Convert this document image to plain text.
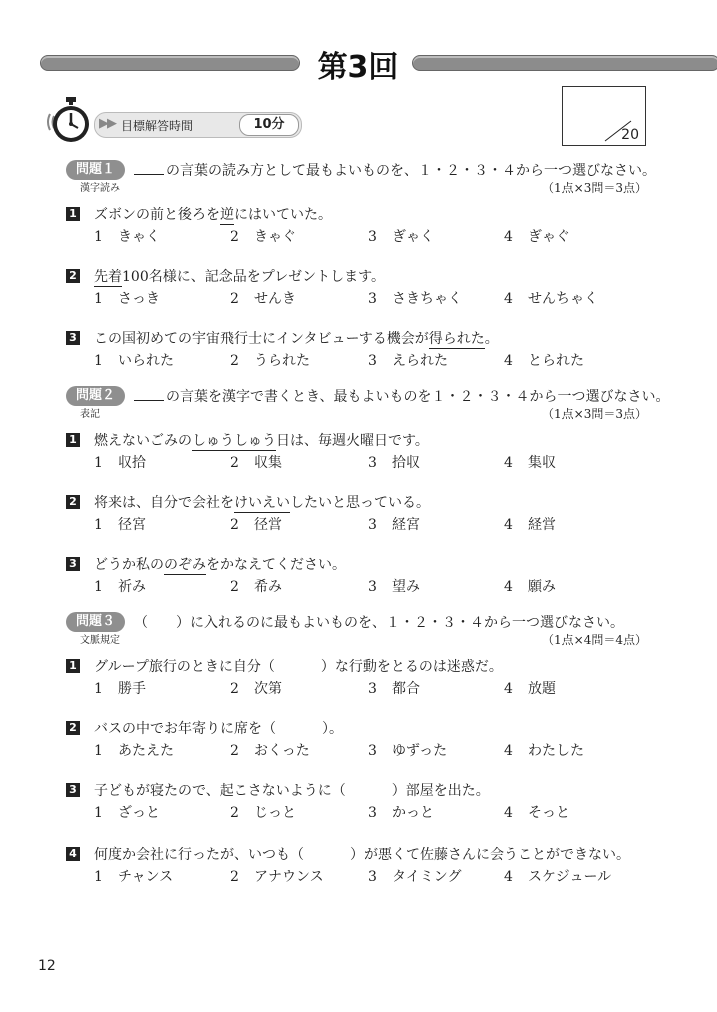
第3回
▶▶ 目標解答時間	10分
20
問題１	の言葉の読み方として最もよいものを、１・２・３・４から一つ選びなさい。
漢字読み	（1点×3問＝3点）
1 ズボンの前と後ろを逆にはいていた。
1 きゃく	2 きゃぐ	3 ぎゃく	4 ぎゃぐ
2 先着100名様に、記念品をプレゼントします。
1 さっき	2 せんき	3 さきちゃく	4 せんちゃく
3 この国初めての宇宙飛行士にインタビューする機会が得られた。
1 いられた	2 うられた	3 えられた	4 とられた
問題２	の言葉を漢字で書くとき、最もよいものを１・２・３・４から一つ選びなさい。
表記	（1点×3問＝3点）
1 燃えないごみのしゅうしゅう日は、毎週火曜日です。
1 収拾	2 収集	3 拾収	4 集収
2 将来は、自分で会社をけいえいしたいと思っている。
1 径宮	2 径営	3 経宮	4 経営
3 どうか私ののぞみをかなえてください。
1 祈み	2 希み	3 望み	4 願み
問題３	（　　）に入れるのに最もよいものを、１・２・３・４から一つ選びなさい。
文脈規定	（1点×4問＝4点）
1 グループ旅行のときに自分（	）な行動をとるのは迷惑だ。
1 勝手	2 次第	3 都合	4 放題
2 バスの中でお年寄りに席を（	）。
1 あたえた	2 おくった	3 ゆずった	4 わたした
3 子どもが寝たので、起こさないように（	）部屋を出た。
1 ざっと	2 じっと	3 かっと	4 そっと
4 何度か会社に行ったが、いつも（	）が悪くて佐藤さんに会うことができない。
1 チャンス	2 アナウンス	3 タイミング	4 スケジュール
12
